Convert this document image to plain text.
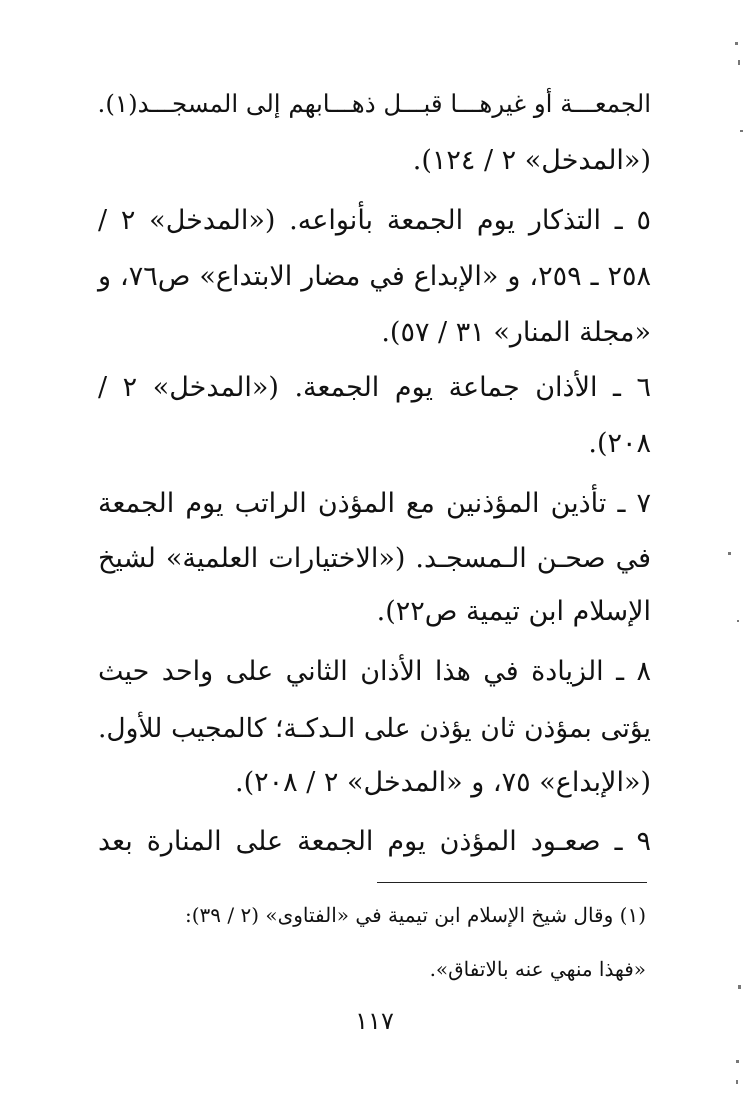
الجمعـــة أو غيرهـــا قبـــل ذهـــابهم إلى المسجـــد(١).
(«المدخل» ٢ / ١٢٤).
٥ ـ التذكار يوم الجمعة بأنواعه. («المدخل» ٢ /
٢٥٨ ـ ٢٥٩، و «الإبداع في مضار الابتداع» ص٧٦، و
«مجلة المنار» ٣١ / ٥٧).
٦ ـ الأذان جماعة يوم الجمعة. («المدخل» ٢ /
٢٠٨).
٧ ـ تأذين المؤذنين مع المؤذن الراتب يوم الجمعة
في صحـن الـمسجـد. («الاختيارات العلمية» لشيخ
الإسلام ابن تيمية ص٢٢).
٨ ـ الزيادة في هذا الأذان الثاني على واحد حيث
يؤتى بمؤذن ثان يؤذن على الـدكـة؛ كالمجيب للأول.
(«الإبداع» ٧٥، و «المدخل» ٢ / ٢٠٨).
٩ ـ صعـود المؤذن يوم الجمعة على المنارة بعد
(١) وقال شيخ الإسلام ابن تيمية في «الفتاوى» (٢ / ٣٩):
«فهذا منهي عنه بالاتفاق».
١١٧
